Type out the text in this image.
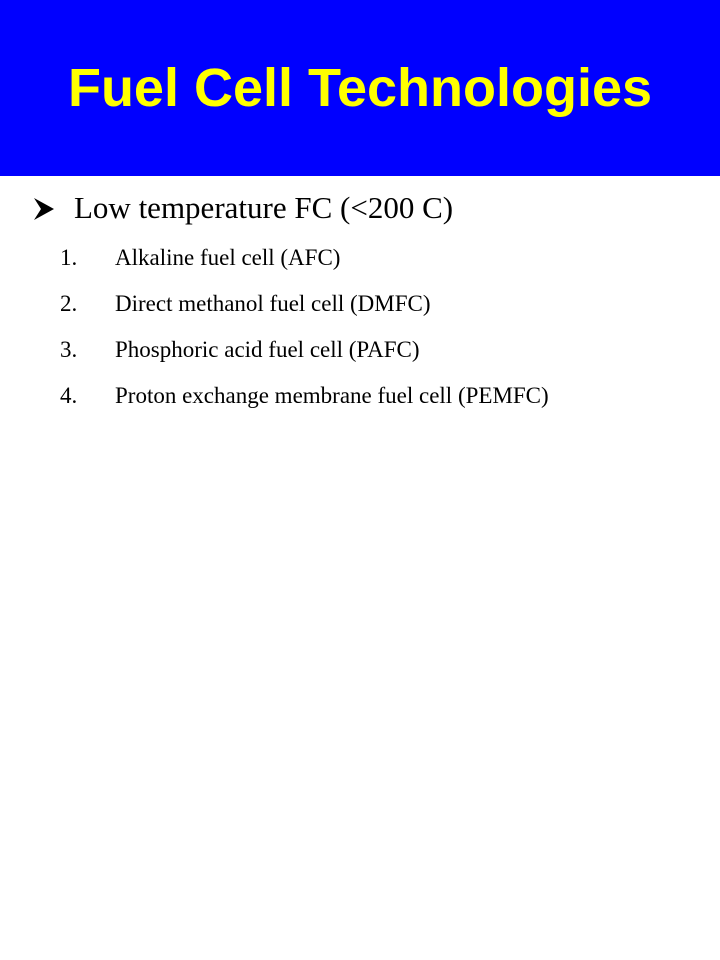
Fuel Cell Technologies
Low temperature FC (<200 C)
1. Alkaline fuel cell (AFC)
2. Direct methanol fuel cell (DMFC)
3. Phosphoric acid fuel cell (PAFC)
4. Proton exchange membrane fuel cell (PEMFC)
